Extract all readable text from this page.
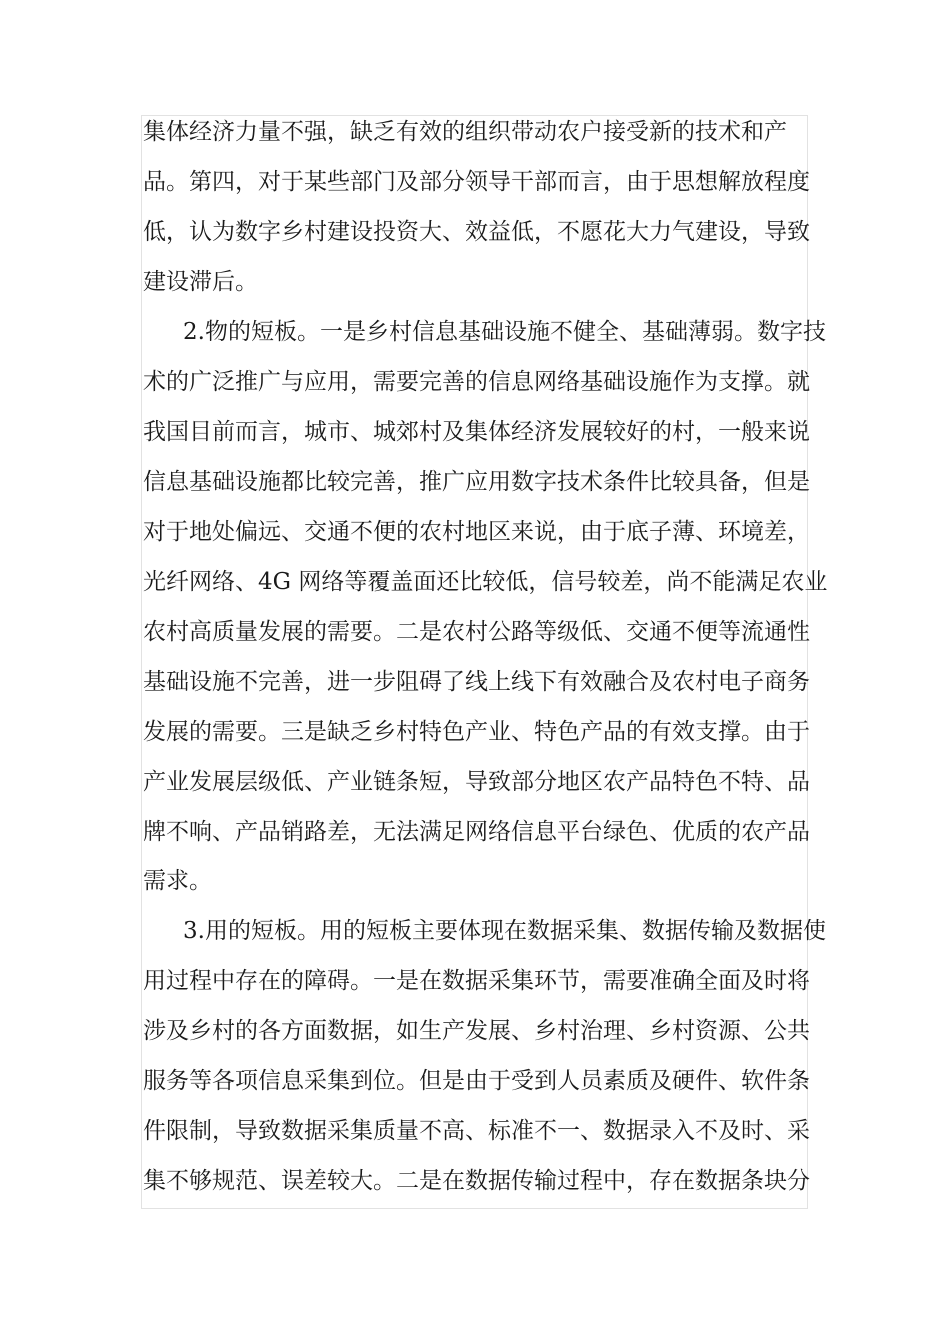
集体经济力量不强，缺乏有效的组织带动农户接受新的技术和产
品。第四，对于某些部门及部分领导干部而言，由于思想解放程度
低，认为数字乡村建设投资大、效益低，不愿花大力气建设，导致
建设滞后。
2.物的短板。一是乡村信息基础设施不健全、基础薄弱。数字技
术的广泛推广与应用，需要完善的信息网络基础设施作为支撑。就
我国目前而言，城市、城郊村及集体经济发展较好的村，一般来说
信息基础设施都比较完善，推广应用数字技术条件比较具备，但是
对于地处偏远、交通不便的农村地区来说，由于底子薄、环境差，
光纤网络、4G 网络等覆盖面还比较低，信号较差，尚不能满足农业
农村高质量发展的需要。二是农村公路等级低、交通不便等流通性
基础设施不完善，进一步阻碍了线上线下有效融合及农村电子商务
发展的需要。三是缺乏乡村特色产业、特色产品的有效支撑。由于
产业发展层级低、产业链条短，导致部分地区农产品特色不特、品
牌不响、产品销路差，无法满足网络信息平台绿色、优质的农产品
需求。
3.用的短板。用的短板主要体现在数据采集、数据传输及数据使
用过程中存在的障碍。一是在数据采集环节，需要准确全面及时将
涉及乡村的各方面数据，如生产发展、乡村治理、乡村资源、公共
服务等各项信息采集到位。但是由于受到人员素质及硬件、软件条
件限制，导致数据采集质量不高、标准不一、数据录入不及时、采
集不够规范、误差较大。二是在数据传输过程中，存在数据条块分
